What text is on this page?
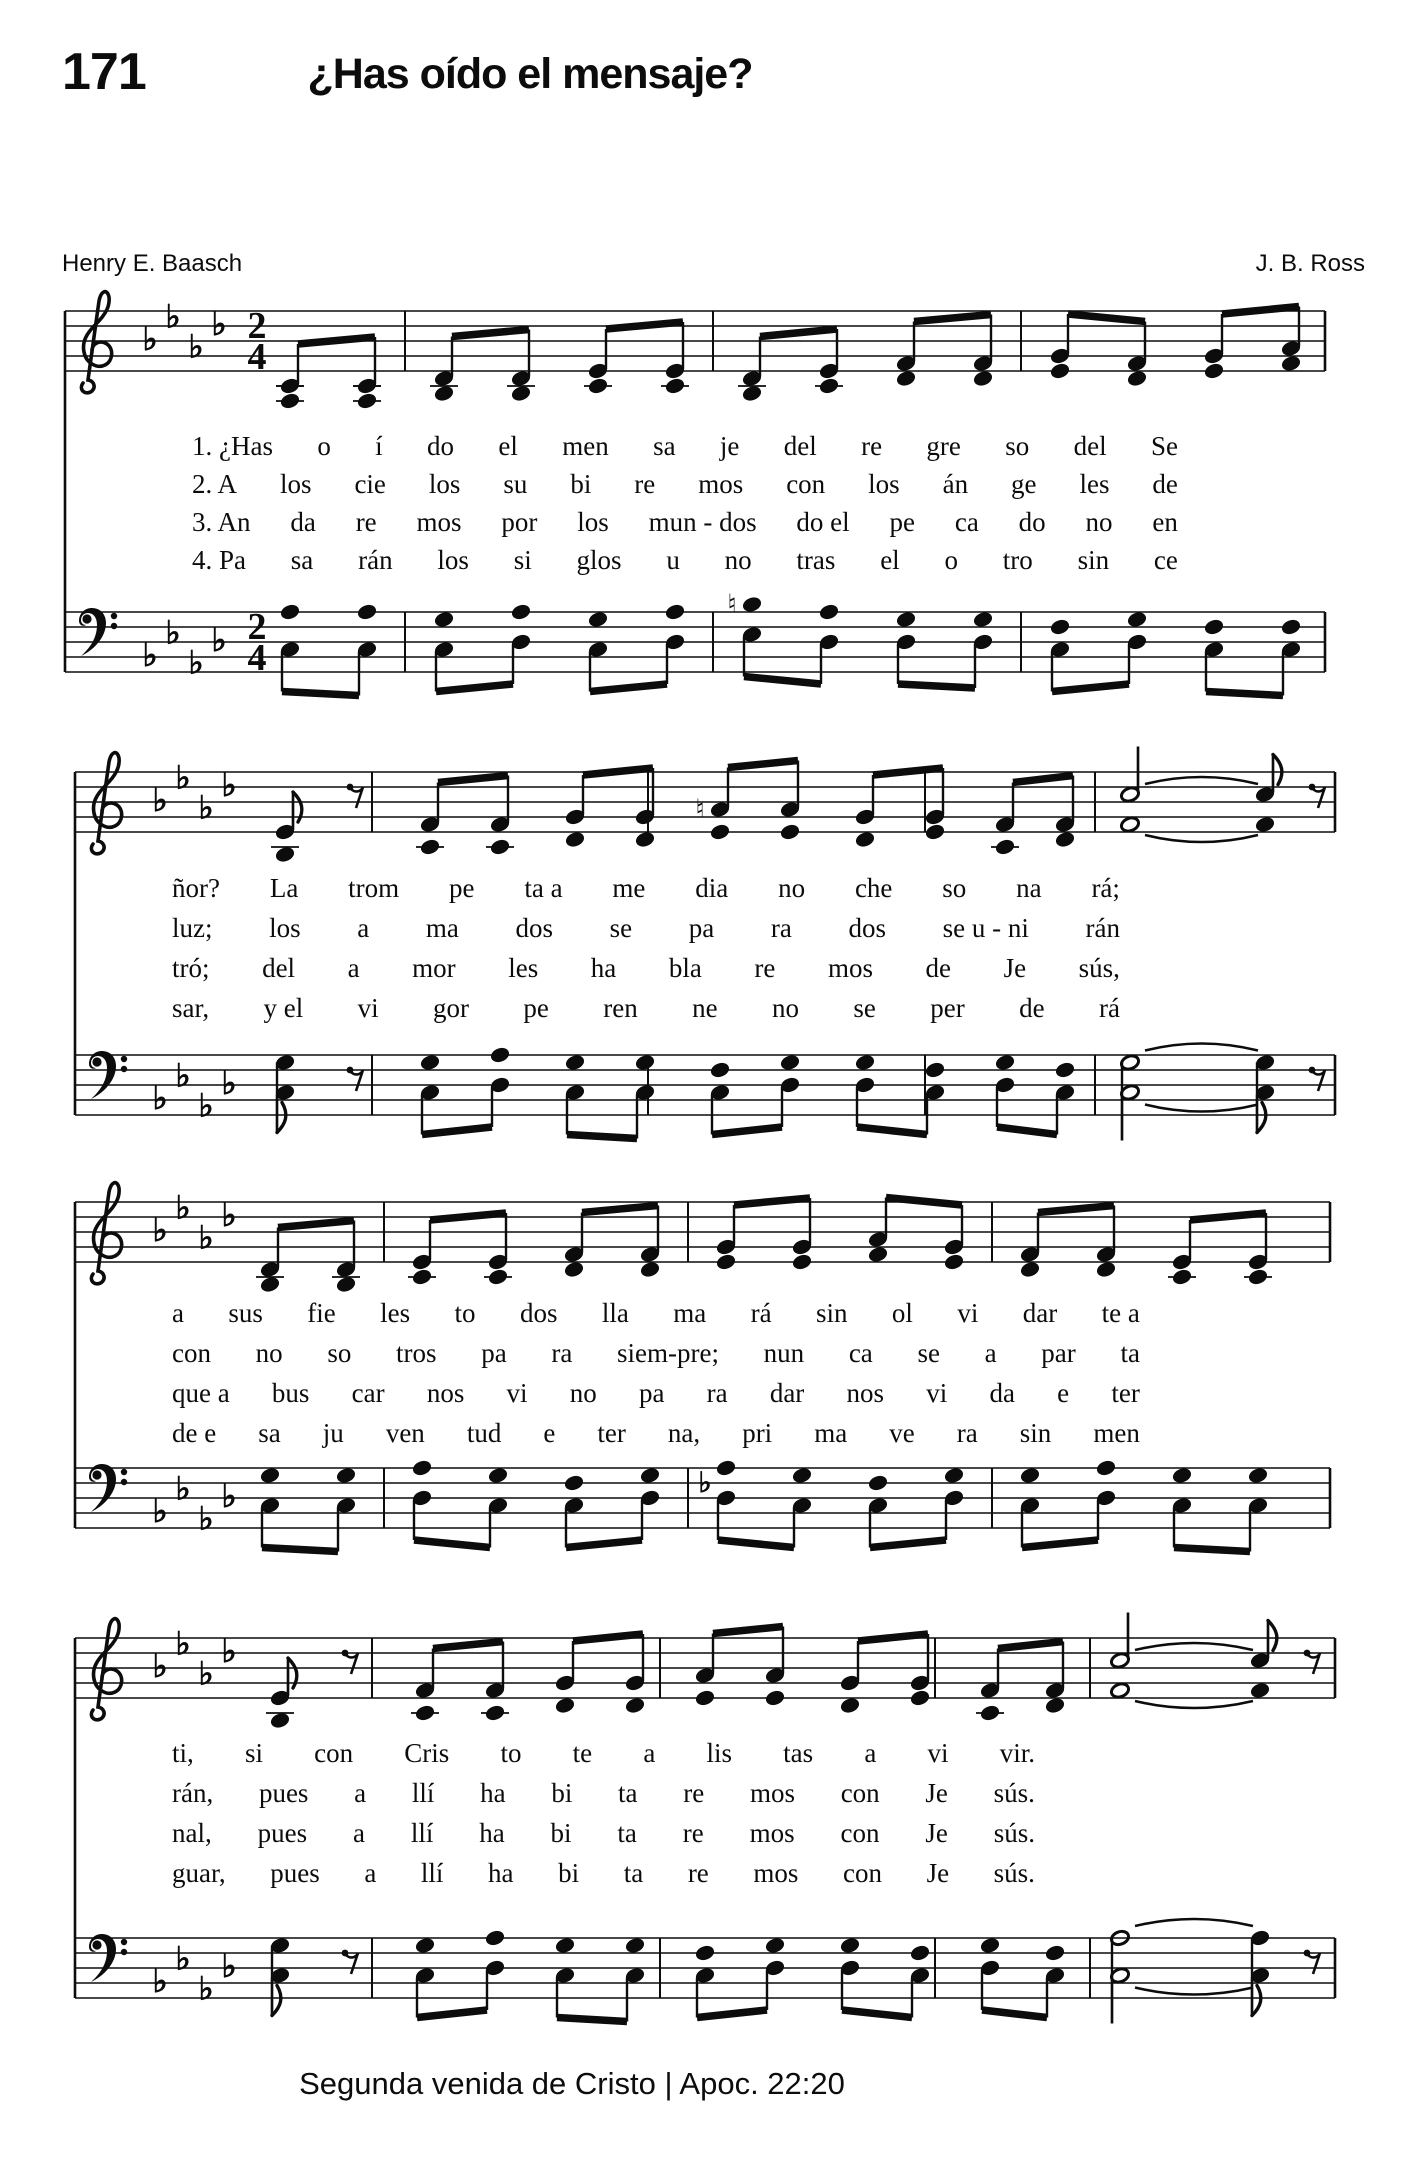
171	¿Has oído el mensaje?
Henry E. Baasch	J. B. Ross
♭
♭
♭
♭ 2
4
♭
♭
♭
♭ 2
4
♮
1. ¿Has o í do el men sa je del re gre so del Se
2. A los cie los su bi re mos con los án ge les de
3. An da re mos por los mun - dos do el pe ca do no en
4. Pa sa rán los si glos u no tras el o tro sin ce
♭
♭
♭
♭
♮
♭
♭
♭
♭
ñor? La trom pe ta a me dia no che so na rá;
luz; los a ma dos se pa ra dos se u - ni rán
tró; del a mor les ha bla re mos de Je sús,
sar, y el vi gor pe ren ne no se per de rá
♭
♭
♭
♭
♭
♭
♭
♭	♭
a sus fie les to dos lla ma rá sin ol vi dar te a
con no so tros pa ra siem-pre; nun ca se a par ta
que a bus car nos vi no pa ra dar nos vi da e ter
de e sa ju ven tud e ter na, pri ma ve ra sin men
♭
♭
♭
♭
♭
♭
♭
♭
ti, si con Cris to te a lis tas a vi vir.
rán, pues a llí ha bi ta re mos con Je sús.
nal, pues a llí ha bi ta re mos con Je sús.
guar, pues a llí ha bi ta re mos con Je sús.
Segunda venida de Cristo | Apoc. 22:20
